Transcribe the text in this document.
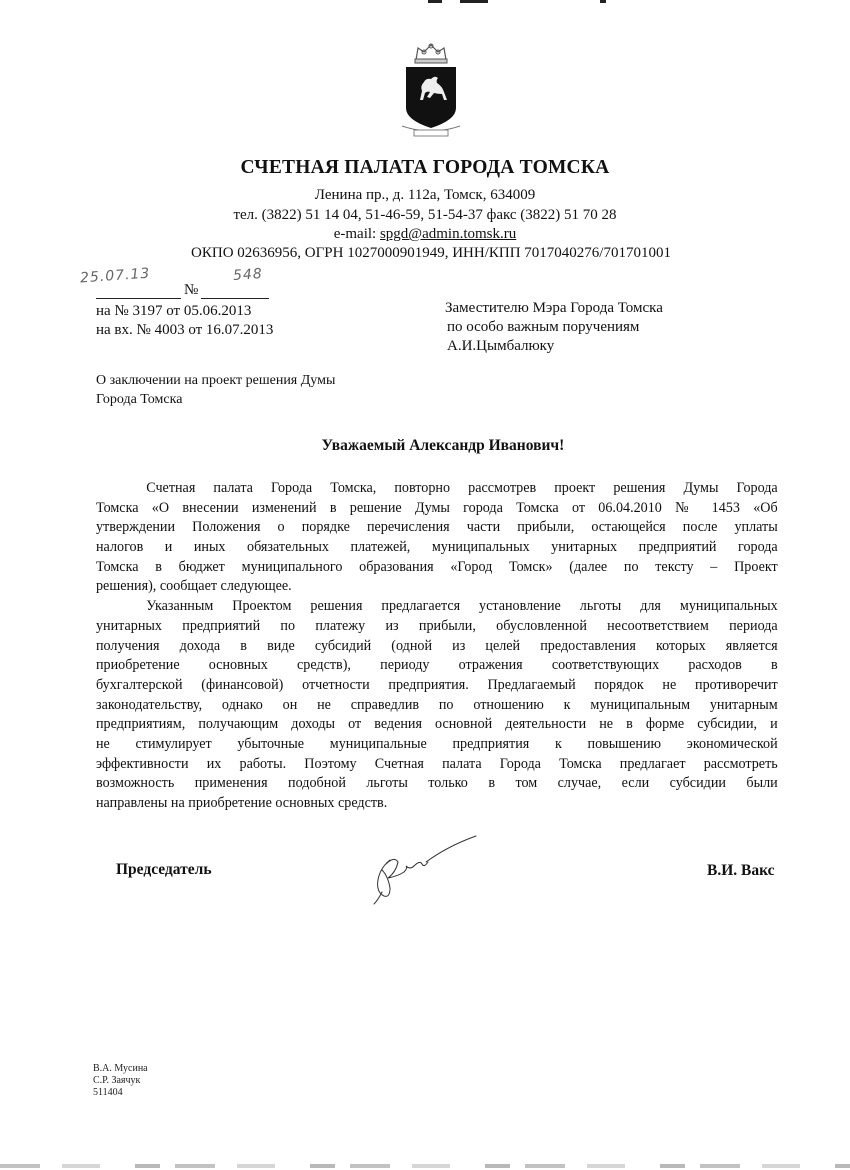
СЧЕТНАЯ ПАЛАТА ГОРОДА ТОМСКА
Ленина пр., д. 112а, Томск, 634009
тел. (3822) 51 14 04, 51-46-59, 51-54-37 факс (3822) 51 70 28
e-mail: spgd@admin.tomsk.ru
ОКПО 02636956, ОГРН 1027000901949, ИНН/КПП 7017040276/701701001
25.07.13
№
548
на № 3197 от 05.06.2013
на вх. № 4003 от 16.07.2013
Заместителю Мэра Города Томска
по особо важным поручениям
А.И.Цымбалюку
О заключении на проект решения Думы
Города Томска
Уважаемый Александр Иванович!
Счетная палата Города Томска, повторно рассмотрев проект решения Думы Города
Томска «О внесении изменений в решение Думы города Томска от 06.04.2010 № 1453 «Об
утверждении Положения о порядке перечисления части прибыли, остающейся после уплаты
налогов и иных обязательных платежей, муниципальных унитарных предприятий города
Томска в бюджет муниципального образования «Город Томск» (далее по тексту – Проект
решения), сообщает следующее.
Указанным Проектом решения предлагается установление льготы для муниципальных
унитарных предприятий по платежу из прибыли, обусловленной несоответствием периода
получения дохода в виде субсидий (одной из целей предоставления которых является
приобретение основных средств), периоду отражения соответствующих расходов в
бухгалтерской (финансовой) отчетности предприятия. Предлагаемый порядок не противоречит
законодательству, однако он не справедлив по отношению к муниципальным унитарным
предприятиям, получающим доходы от ведения основной деятельности не в форме субсидии, и
не стимулирует убыточные муниципальные предприятия к повышению экономической
эффективности их работы. Поэтому Счетная палата Города Томска предлагает рассмотреть
возможность применения подобной льготы только в том случае, если субсидии были
направлены на приобретение основных средств.
Председатель	В.И. Вакс
В.А. Мусина
С.Р. Заячук
511404
